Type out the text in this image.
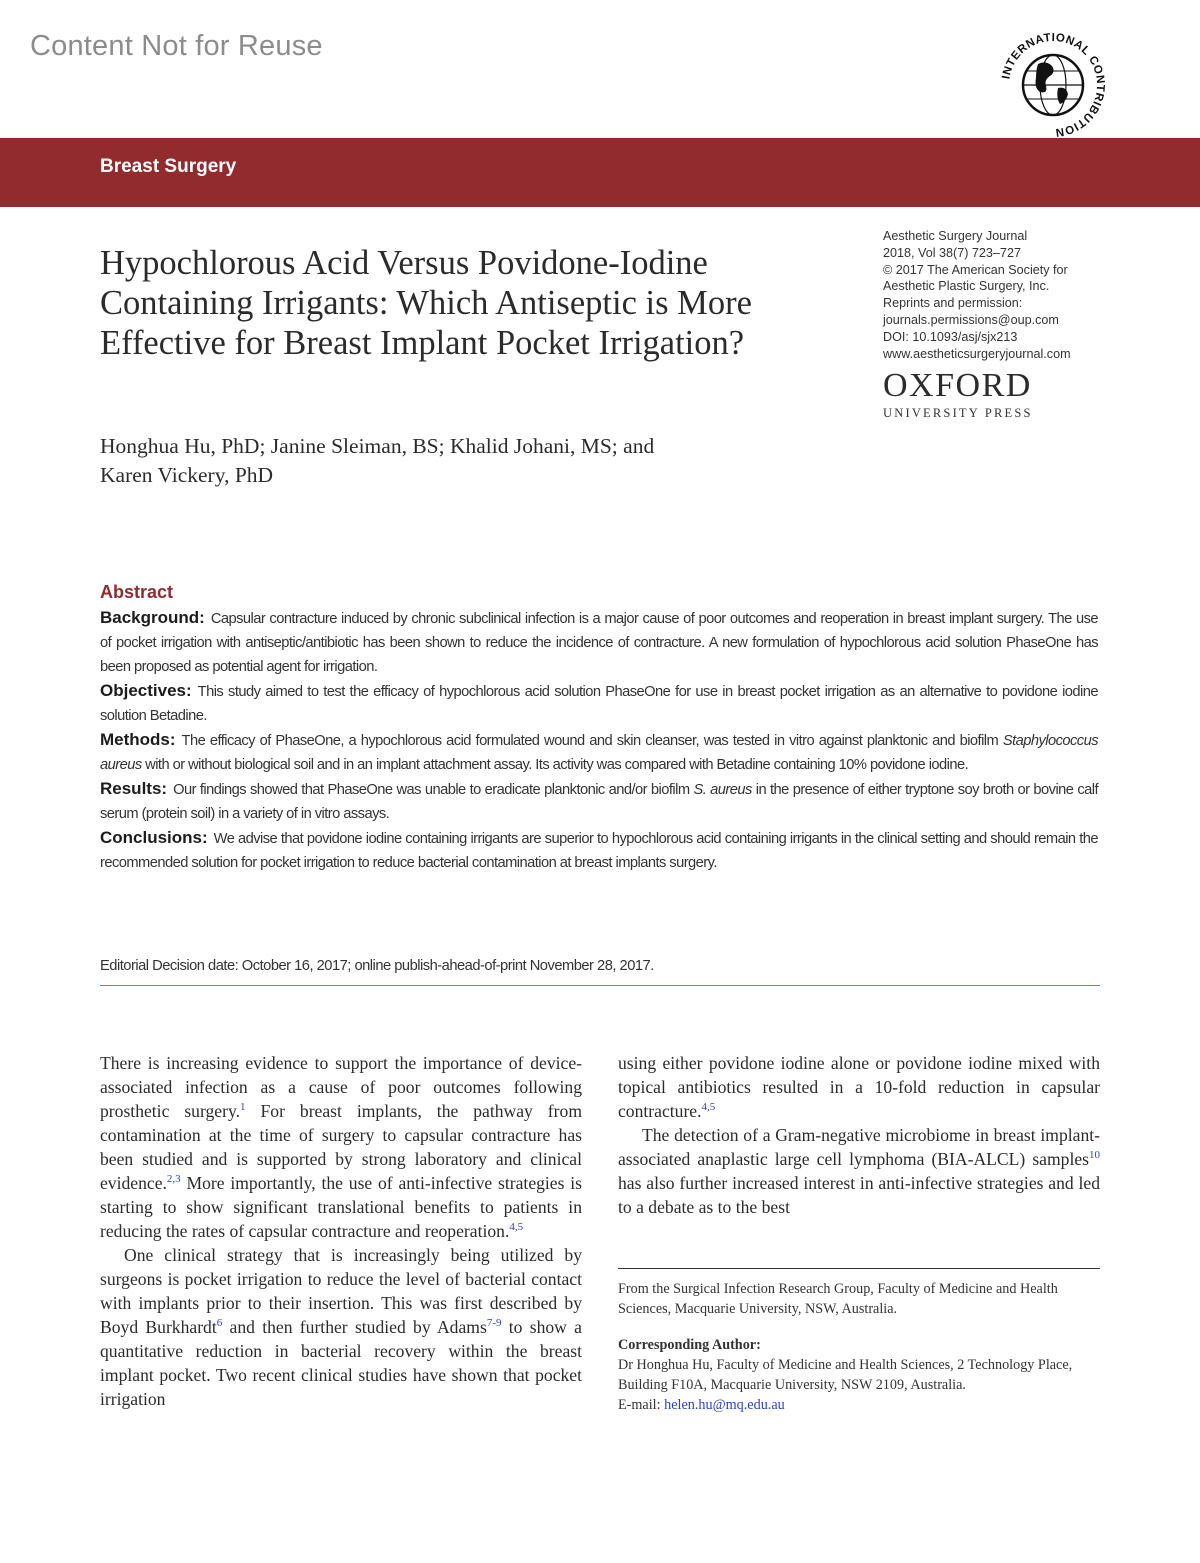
Content Not for Reuse
INTERNATIONAL CONTRIBUTION
Breast Surgery
Hypochlorous Acid Versus Povidone-Iodine Containing Irrigants: Which Antiseptic is More Effective for Breast Implant Pocket Irrigation?
Aesthetic Surgery Journal
2018, Vol 38(7) 723–727
© 2017 The American Society for
Aesthetic Plastic Surgery, Inc.
Reprints and permission:
journals.permissions@oup.com
DOI: 10.1093/asj/sjx213
www.aestheticsurgeryjournal.com
OXFORD
UNIVERSITY PRESS
Honghua Hu, PhD; Janine Sleiman, BS; Khalid Johani, MS; and
Karen Vickery, PhD
Abstract

Background: Capsular contracture induced by chronic subclinical infection is a major cause of poor outcomes and reoperation in breast implant surgery. The use of pocket irrigation with antiseptic/antibiotic has been shown to reduce the incidence of contracture. A new formulation of hypochlorous acid solution PhaseOne has been proposed as potential agent for irrigation.

Objectives: This study aimed to test the efficacy of hypochlorous acid solution PhaseOne for use in breast pocket irrigation as an alternative to povidone iodine solution Betadine.

Methods: The efficacy of PhaseOne, a hypochlorous acid formulated wound and skin cleanser, was tested in vitro against planktonic and biofilm Staphylococcus aureus with or without biological soil and in an implant attachment assay. Its activity was compared with Betadine containing 10% povidone iodine.

Results: Our findings showed that PhaseOne was unable to eradicate planktonic and/or biofilm S. aureus in the presence of either tryptone soy broth or bovine calf serum (protein soil) in a variety of in vitro assays.

Conclusions: We advise that povidone iodine containing irrigants are superior to hypochlorous acid containing irrigants in the clinical setting and should remain the recommended solution for pocket irrigation to reduce bacterial contamination at breast implants surgery.

Editorial Decision date: October 16, 2017; online publish-ahead-of-print November 28, 2017.

There is increasing evidence to support the importance of device-associated infection as a cause of poor outcomes following prosthetic surgery.$^1$ For breast implants, the pathway from contamination at the time of surgery to capsular contracture has been studied and is supported by strong laboratory and clinical evidence.$^{2,3}$ More importantly, the use of anti-infective strategies is starting to show significant translational benefits to patients in reducing the rates of capsular contracture and reoperation.$^{4,5}$

One clinical strategy that is increasingly being utilized by surgeons is pocket irrigation to reduce the level of bacterial contact with implants prior to their insertion. This was first described by Boyd Burkhardt$^6$ and then further studied by Adams$^{7-9}$ to show a quantitative reduction in bacterial recovery within the breast implant pocket. Two recent clinical studies have shown that pocket irrigation

using either povidone iodine alone or povidone iodine mixed with topical antibiotics resulted in a 10-fold reduction in capsular contracture.$^{4,5}$

The detection of a Gram-negative microbiome in breast implant-associated anaplastic large cell lymphoma (BIA-ALCL) samples$^{10}$ has also further increased interest in anti-infective strategies and led to a debate as to the best

From the Surgical Infection Research Group, Faculty of Medicine and Health Sciences, Macquarie University, NSW, Australia.
Corresponding Author:
Dr Honghua Hu, Faculty of Medicine and Health Sciences, 2 Technology Place, Building F10A, Macquarie University, NSW 2109, Australia.
E-mail: helen.hu@mq.edu.au
